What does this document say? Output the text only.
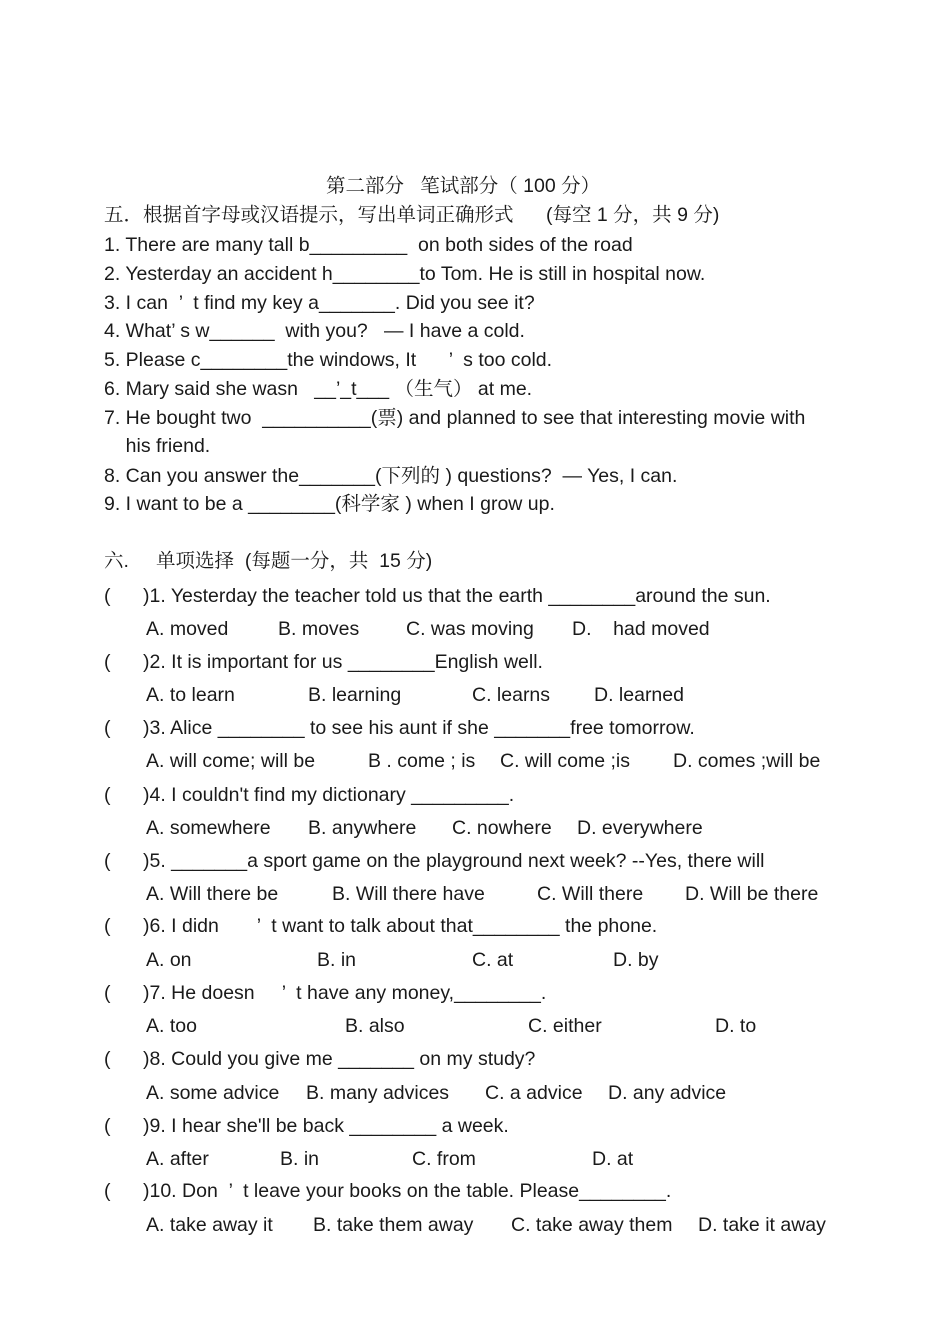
第二部分   笔试部分（ 100 分）
五．根据首字母或汉语提示，写出单词正确形式      (每空 1 分，共 9 分)
1. There are many tall b_________  on both sides of the road
2. Yesterday an accident h________to Tom. He is still in hospital now.
3. I can  ’  t find my key a_______. Did you see it?
4. What’ s w______  with you?   — I have a cold.
5. Please c________the windows, It      ’  s too cold.
6. Mary said she wasn   __’_t___ （生气） at me.
7. He bought two  __________(票) and planned to see that interesting movie with
his friend.
8. Can you answer the_______(下列的 ) questions?  — Yes, I can.
9. I want to be a ________(科学家 ) when I grow up.
六.     单项选择  (每题一分，共  15 分)
(      )1. Yesterday the teacher told us that the earth ________around the sun.
A. moved	B. moves C. was moving D.    had moved
(      )2. It is important for us ________English well.
A. to learn	B. learning	C. learns D. learned
(      )3. Alice ________ to see his aunt if she _______free tomorrow.
A. will come; will be	B . come ; is C. will come ;is D. comes ;will be
(      )4. I couldn't find my dictionary _________.
A. somewhere B. anywhere C. nowhere D. everywhere
(      )5. _______a sport game on the playground next week? --Yes, there will
A. Will there be	B. Will there have	C. Will there D. Will be there
(      )6. I didn       ’  t want to talk about that________ the phone.
A. on	B. in	C. at	D. by
(      )7. He doesn     ’  t have any money,________.
A. too	B. also	C. either	D. to
(      )8. Could you give me _______ on my study?
A. some advice B. many advices C. a advice D. any advice
(      )9. I hear she'll be back ________ a week.
A. after	B. in	C. from	D. at
(      )10. Don  ’  t leave your books on the table. Please________.
A. take away it B. take them away C. take away them D. take it away
